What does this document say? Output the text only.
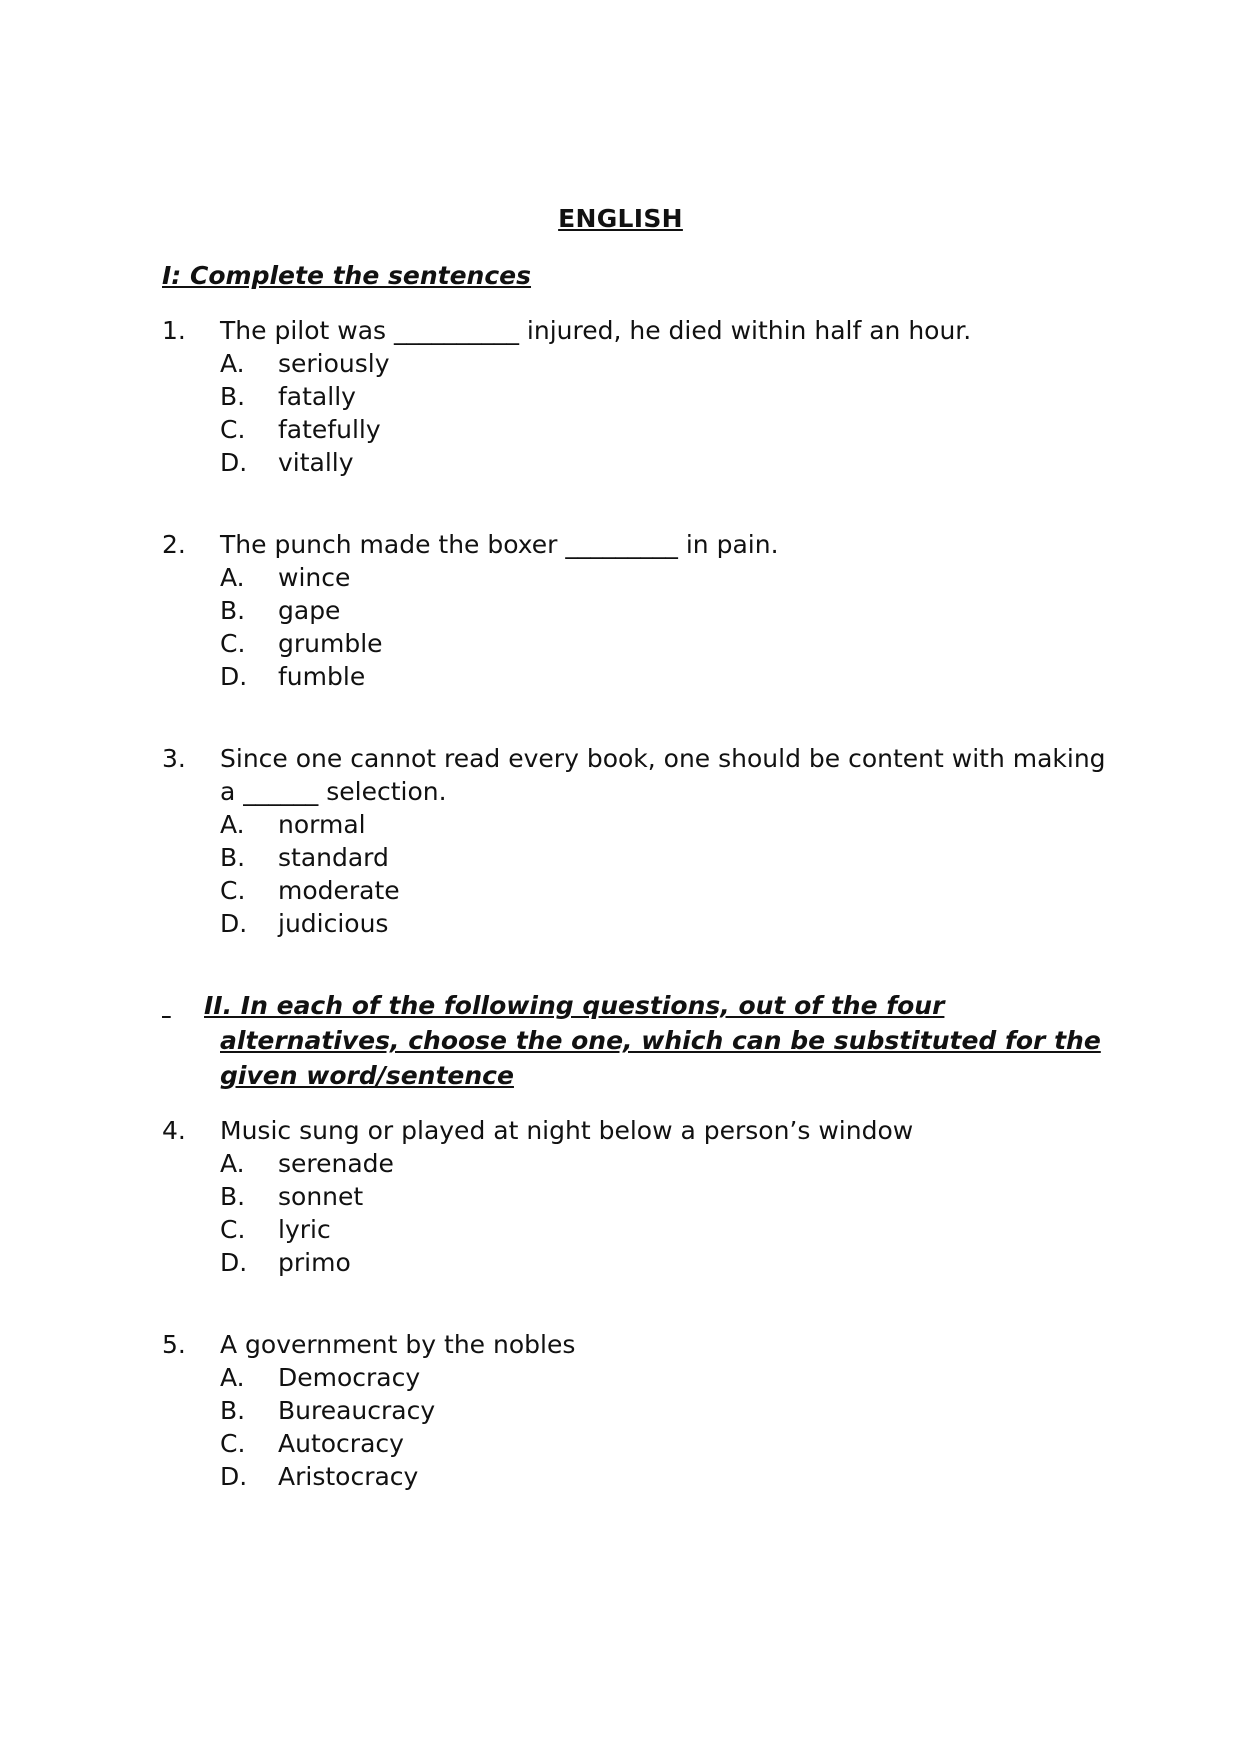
ENGLISH
I: Complete the sentences
1.	The pilot was __________ injured, he died within half an hour.
A.	seriously
B.	fatally
C.	fatefully
D.	vitally
2.	The punch made the boxer _________ in pain.
A.	wince
B.	gape
C.	grumble
D.	fumble
3.	Since one cannot read every book, one should be content with making a ______ selection.
A.	normal
B.	standard
C.	moderate
D.	judicious
II. In each of the following questions, out of the four
alternatives, choose the one, which can be substituted for the
given word/sentence
4.	Music sung or played at night below a person’s window
A.	serenade
B.	sonnet
C.	lyric
D.	primo
5.	A government by the nobles
A.	Democracy
B.	Bureaucracy
C.	Autocracy
D.	Aristocracy
